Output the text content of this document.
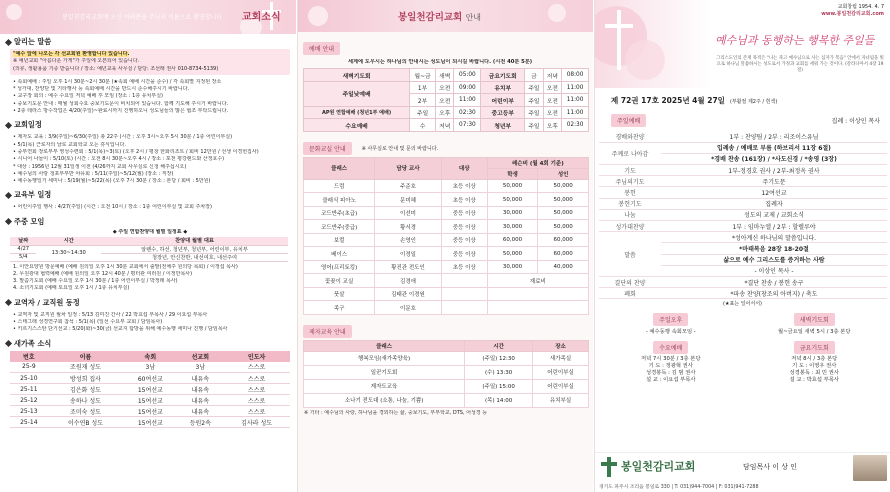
봉일천감리교회에 오신 여러분을 주님의 이름으로 환영합니다 교회소식
알리는 말씀
"예수 앞에 나오는 각 선교회원 환영합니다 있습니다.
※ 예년교회 "아름다운 가게"가 주일에 오픈되어 있습니다.
(의류, 생활용품 기증 받습니다 / 장소: 예년교육 사무실 / 담당: 조선래 권사 010-8734-5139)
• 속회예배 : 주일 오후 1시 30분~2시 30분 (★속회 예배 시간을 준수) / 각 속회별 지정된 장소
* 성가대, 찬양단 및 기타행사 등 속회예배 시간을 반드시 준수해주시기 바랍니다.
• 교구장 회의 : 예수 수요일 저녁 예배 후 모임 (장소 : 1층 유치부실)
• 중보기도문 안내 : 매월 성회수요 중보기도문이 비치되어 있습니다. 함께 기도해 주시기 바랍니다.
• 2층 테라스 방수작업은 4/20(주일)~완료시까지 진행하오니 성도님들의 많은 협조 부탁드립니다.
교회일정
• 제자도 교육 : 3/9(주일)~6/30(주일) 총 22주 (시간 : 오후 3시~오후 5시 30분 / 1층 어린이부실)
• 5/1(목) 근로자의 날로 교회학교 오는 휴식입니다.
• 중부연회 장로부부 영성수련회 : 5/1(목)~3(토) (오후 2시 / 평창 한화리조트 / 회비 12만원 / 선생 이경헌집사)
• 시니어 나들이 : 5/10(토) (시간 : 오전 8시 30분~오후 4시 / 장소 : 포천 평강랜드와 산정호수)
* 대상 : 1956년 12월 31일생 이전 (4/26까지 교회 사무실로 신청 해주십시오)
• 예수님의 사랑 청포부부반 야유회 : 5/11(주일)~5/12(월) (장소 : 직장)
• 예수동행일기 세미나 : 5/19(월)~5/22(목) (오후 7시 30분 / 장소 : 본당 / 회비 : 5만원)
교육부 일정
• 어린이주일 행사 : 4/27(주일) (시간 : 오전 10시 / 장소 : 1층 어린이부실 및 교회 주차장)
주중 모임
◆ 주일 연합찬양대 월별 일정표 ◆
날짜	시간	찬양대 월별 대표
4/27	13:30~14:30	알렌수, 하선, 청년부, 청년부, 어린이부, 유치부
5/4		청장년, 안신찬반, 내선여호, 내선주여
1. 이안요양원 방문예배 (예배 원의일 오후 1시 30분 교회에서 출발(전체주 원의당 목회) / 이정섭 목사)
2. 무원광대 협력예배 (예배 원의일 오후 12시 40분 / 평터관 여러원 / 이정만목사)
3. 말씀기도회 (예배 수요일 오후 1시 30분 / 1층 어린이부실 / 박정래 목사)
4. 소녀기도회 (예배 토요일 오후 1시 / 1층 유치부실)
교역자 / 교직원 동정
• 교역자 및 교직원 월차 일정 : 5/13 김미진 간사 / 22 박효섭 부목사 / 29 이요섭 부목사
• 스태그래 성경연구회 참석 : 5/1(목) (일선 수요부 교회 / 담임목사)
• 키르기스스탄 단기선교 : 5/20(화)~30(금) 선교지 탐방을 위해 예수동행 세미나 진행 / 담임목사
새가족 소식
번호	이름	속회	선교회	인도자
25-9	조원재 성도	3남	3남	스스로
25-10	방성희 집사	60여선교	내유속	스스로
25-11	김은화 성도	15여선교	내유속	스스로
25-12	송하나 성도	15여선교	내유속	스스로
25-13	조미숙 성도	15여선교	내유속	스스로
25-14	이수연B 성도	15여선교	등원2속	김사라 성도
봉일천감리교회 안내
예배 안내
세계에 도우시는 하나님의 안내시는 성도님이 되시길 바랍니다. (시전 40분 5분)
새벽기도회	월~금	새벽	05:00	금요기도회	금	저녁	08:00
주일낮예배	1부	오전	09:00	유치부	주일	오전	11:00
	2부	오전	11:00	어린이부	주일	오전	11:00
AP원 연합예배 (청년1부 예배)	주일	오후	02:30	중고등부	주일	오전	11:00
수요예배	수	저녁	07:30	청년부	주일	오후	02:30
문화교실 안내	※ 사무실로 안내 및 문의 바랍니다.
클래스	담당 교사	대상	레슨비 (월 4회 기준)	
			학생	성인
드럼	주준호	초등 이상	50,000	50,000
클래식 피아노	문미혜	초등 이상	50,000	50,000
코드반주(초급)	이선미	중등 이상	30,000	50,000
코드반주(중급)	황서경	중등 이상	30,000	50,000
보컬	손영인	중등 이상	60,000	60,000
베이스	이정일	중등 이상	50,000	60,000
영어(프리토킹)	황진관 전도인	초등 이상	30,000	40,000
꽃꽂이 교실	김경애		재료비	
풋살	김태관 이경원			
족구	이문호			
제자교육 안내
클래스	시간	장소
행복모임(새가족양육)	(주일) 12:30	새가족실
일꾼기도회	(수) 13:30	어린이부실
제자도교육	(주일) 15:00	어린이부실
소나기 전도대 (소통, 나눔, 기쁨)	(목) 14:00	유치부실
※ 기타 : 예수님의 사랑, 하나님을 경외하는 삶, 중보기도, 부부학교, DTS, 어성경 등
교회창립 1954. 4. 7
www.봉일천감리교회.com
예수님과 동행하는 행복한 주일들
그리스도인의 존재 목적은 "나는 죽고 예수님으로 사는 십자가 복음" 안에서 자녀됨을 빛으로 하나님 말씀하시는 성도로서 가정과 교회를 세워 가는 것이다. (갈라디아서 4장 19절)
제 72권 17호 2025년 4월 27일 (부활절 제2주 / 흰색)
주일예배	집례 : 이상인 목사
경배와찬양	1부 : 찬양팀 / 2부 : 리조이스유님
주께로 나아감	입례송 / 예배로 부름 (하브리서 11장 6절)
	*경배 찬송 (161장) / *사도신경 / *송영 (3장)
기도	1부-정경호 권사 / 2부-최정옥 권사
주님의기도	주기도문
봉헌	12여선교
봉헌기도	집례자
나눔	성도의 교제 / 교회소식
성가대찬양	1부 : 임마누엘 / 2부 : 할렐루야
말씀	*성아계신 하나님의 말씀입니다.
	*마태복음 28장 18-20절
	삶으로 예수 그리스도를 증거하는 사람
	- 이상인 목사 -
결단의 찬양	*결단 찬송 / 봉헌 송구
폐회	*파송 찬양(창조의 아버지) / 축도
(★표는 일어서서)
주일오후
- 예수동행 속회모임 -
수요예배
저녁 7시 30분 / 3층 본당
기 도 : 정광혁 권사
성경봉독 : 김 범 권사
설 교 : 이요섭 부목사
새벽기도회
월~금요일 새벽 5시 / 3층 본당
금요기도회
저녁 8시 / 3층 본당
기 도 : 이영우 권사
성경봉독 : 최 민 권사
설 교 : 박효섭 부목사
봉일천감리교회	담임목사 이 상 인
경기도 파주시 조리읍 봉일로 330 | T: 031)944-7004 | F: 031)941-7288
